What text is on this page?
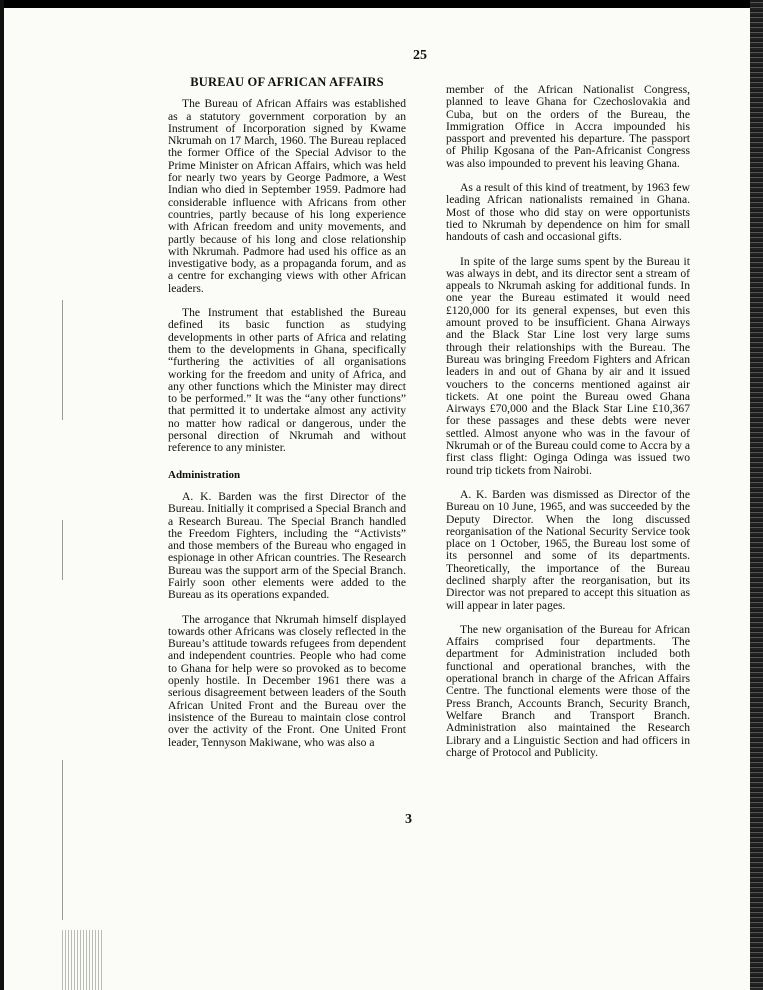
25
BUREAU OF AFRICAN AFFAIRS

The Bureau of African Affairs was established as a statutory government corporation by an Instrument of Incorporation signed by Kwame Nkrumah on 17 March, 1960. The Bureau replaced the former Office of the Special Advisor to the Prime Minister on African Affairs, which was held for nearly two years by George Padmore, a West Indian who died in September 1959. Padmore had considerable influence with Africans from other countries, partly because of his long experience with African freedom and unity movements, and partly because of his long and close relationship with Nkrumah. Padmore had used his office as an investigative body, as a propaganda forum, and as a centre for exchanging views with other African leaders.

The Instrument that established the Bureau defined its basic function as studying developments in other parts of Africa and relating them to the developments in Ghana, specifically “furthering the activities of all organisations working for the freedom and unity of Africa, and any other functions which the Minister may direct to be performed.” It was the “any other functions” that permitted it to undertake almost any activity no matter how radical or dangerous, under the personal direction of Nkrumah and without reference to any minister.

Administration

A. K. Barden was the first Director of the Bureau. Initially it comprised a Special Branch and a Research Bureau. The Special Branch handled the Freedom Fighters, including the “Activists” and those members of the Bureau who engaged in espionage in other African countries. The Research Bureau was the support arm of the Special Branch. Fairly soon other elements were added to the Bureau as its operations expanded.

The arrogance that Nkrumah himself displayed towards other Africans was closely reflected in the Bureau’s attitude towards refugees from dependent and independent countries. People who had come to Ghana for help were so provoked as to become openly hostile. In December 1961 there was a serious disagreement between leaders of the South African United Front and the Bureau over the insistence of the Bureau to maintain close control over the activity of the Front. One United Front leader, Tennyson Makiwane, who was also a

member of the African Nationalist Congress, planned to leave Ghana for Czechoslovakia and Cuba, but on the orders of the Bureau, the Immigration Office in Accra impounded his passport and prevented his departure. The passport of Philip Kgosana of the Pan-Africanist Congress was also impounded to prevent his leaving Ghana.

As a result of this kind of treatment, by 1963 few leading African nationalists remained in Ghana. Most of those who did stay on were opportunists tied to Nkrumah by dependence on him for small handouts of cash and occasional gifts.

In spite of the large sums spent by the Bureau it was always in debt, and its director sent a stream of appeals to Nkrumah asking for additional funds. In one year the Bureau estimated it would need £120,000 for its general expenses, but even this amount proved to be insufficient. Ghana Airways and the Black Star Line lost very large sums through their relationships with the Bureau. The Bureau was bringing Freedom Fighters and African leaders in and out of Ghana by air and it issued vouchers to the concerns mentioned against air tickets. At one point the Bureau owed Ghana Airways £70,000 and the Black Star Line £10,367 for these passages and these debts were never settled. Almost anyone who was in the favour of Nkrumah or of the Bureau could come to Accra by a first class flight: Oginga Odinga was issued two round trip tickets from Nairobi.

A. K. Barden was dismissed as Director of the Bureau on 10 June, 1965, and was succeeded by the Deputy Director. When the long discussed reorganisation of the National Security Service took place on 1 October, 1965, the Bureau lost some of its personnel and some of its departments. Theoretically, the importance of the Bureau declined sharply after the reorganisation, but its Director was not prepared to accept this situation as will appear in later pages.

The new organisation of the Bureau for African Affairs comprised four departments. The department for Administration included both functional and operational branches, with the operational branch in charge of the African Affairs Centre. The functional elements were those of the Press Branch, Accounts Branch, Security Branch, Welfare Branch and Transport Branch. Administration also maintained the Research Library and a Linguistic Section and had officers in charge of Protocol and Publicity.

3
